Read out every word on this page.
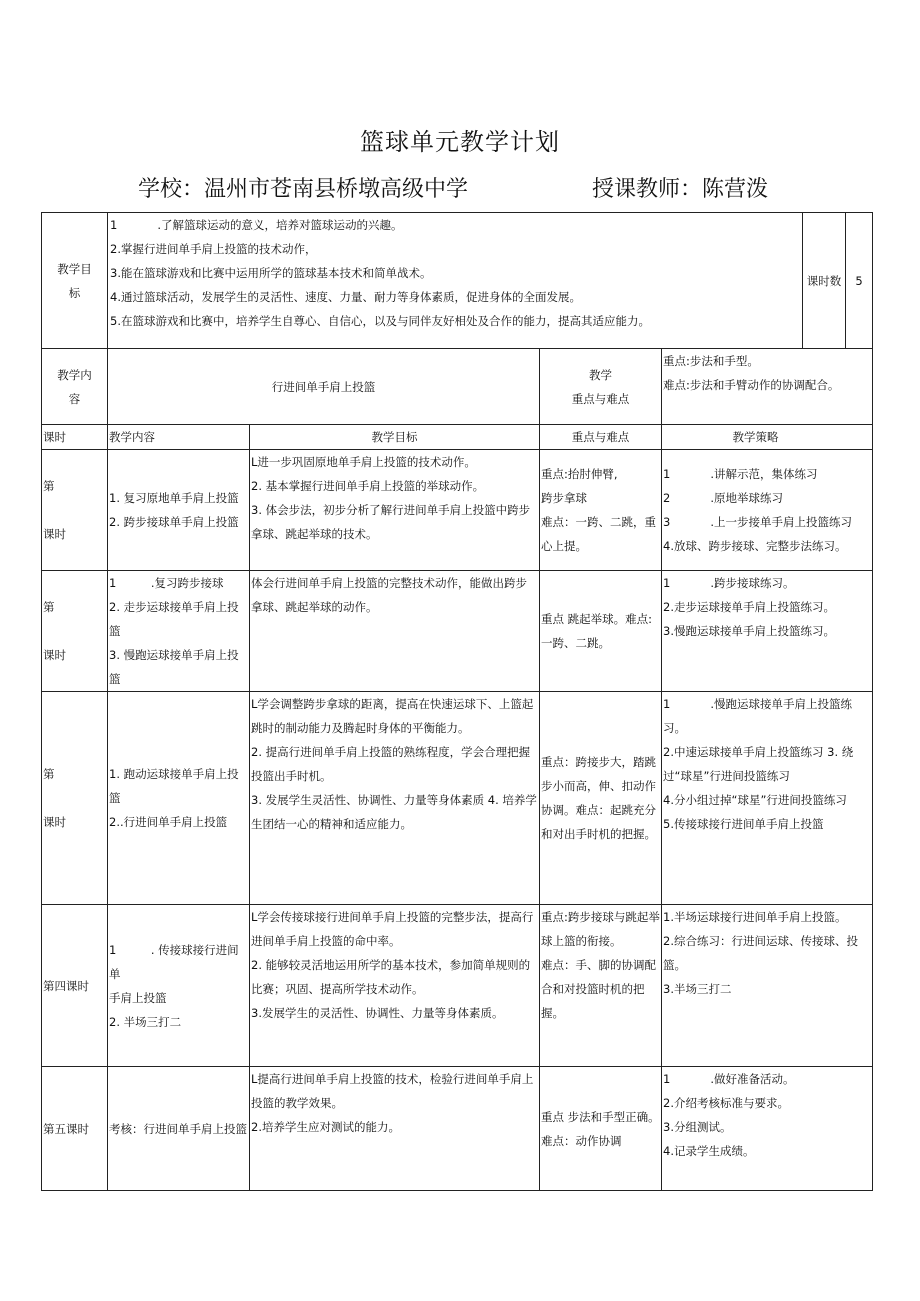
篮球单元教学计划
学校：温州市苍南县桥墩高级中学	授课教师：陈营泼
教学目
标	1 .了解篮球运动的意义，培养对篮球运动的兴趣。
2.掌握行进间单手肩上投篮的技术动作，
3.能在篮球游戏和比赛中运用所学的篮球基本技术和简单战术。
4.通过篮球活动，发展学生的灵活性、速度、力量、耐力等身体素质，促进身体的全面发展。
5.在篮球游戏和比赛中，培养学生自尊心、自信心，以及与同伴友好相处及合作的能力，提高其适应能力。				课时数	5

教学内
容	行进间单手肩上投篮		教学
重点与难点	重点:步法和手型。
难点:步法和手臂动作的协调配合。		

课时	教学内容	教学目标	重点与难点	教学策略		

第
课时	1. 复习原地单手肩上投篮
2. 跨步接球单手肩上投篮	L进一步巩固原地单手肩上投篮的技术动作。
2. 基本掌握行进间单手肩上投篮的举球动作。
3. 体会步法，初步分析了解行进间单手肩上投篮中跨步拿球、跳起举球的技术。	重点:抬肘伸臂,
跨步拿球
难点：一跨、二跳，重心上提。	1 .讲解示范，集体练习
2 .原地举球练习
3 .上一步接单手肩上投篮练习
4.放球、跨步接球、完整步法练习。		

第
课时	1　　　.复习跨步接球
2. 走步运球接单手肩上投篮
3. 慢跑运球接单手肩上投篮	体会行进间单手肩上投篮的完整技术动作，能做出跨步拿球、跳起举球的动作。	重点 跳起举球。难点:一跨、二跳。	1 .跨步接球练习。
2.走步运球接单手肩上投篮练习。
3.慢跑运球接单手肩上投篮练习。		

第
课时	1. 跑动运球接单手肩上投篮
2..行进间单手肩上投篮	L学会调整跨步拿球的距离，提高在快速运球下、上篮起跳时的制动能力及腾起时身体的平衡能力。
2. 提高行进间单手肩上投篮的熟练程度，学会合理把握投篮出手时机。
3. 发展学生灵活性、协调性、力量等身体素质 4. 培养学生团结一心的精神和适应能力。	重点：跨接步大，踏跳步小而高，伸、扣动作协调。难点：起跳充分和对出手时机的把握。	1 .慢跑运球接单手肩上投篮练习。
2.中速运球接单手肩上投篮练习 3. 绕过“球星”行进间投篮练习
4.分小组过掉“球星”行进间投篮练习
5.传接球接行进间单手肩上投篮		

第四课时	1　　　. 传接球接行进间单
手肩上投篮
2. 半场三打二	L学会传接球接行进间单手肩上投篮的完整步法，提高行进间单手肩上投篮的命中率。
2. 能够较灵活地运用所学的基本技术，参加简单规则的比赛；巩固、提高所学技术动作。
3.发展学生的灵活性、协调性、力量等身体素质。	重点:跨步接球与跳起举球上篮的衔接。
难点：手、脚的协调配合和对投篮时机的把握。	1.半场运球接行进间单手肩上投篮。
2.综合练习：行进间运球、传接球、投篮。
3.半场三打二		

第五课时	考核：行进间单手肩上投篮	L提高行进间单手肩上投篮的技术，检验行进间单手肩上投篮的教学效果。
2.培养学生应对测试的能力。	重点 步法和手型正确。
难点：动作协调	1 .做好准备活动。
2.介绍考核标准与要求。
3.分组测试。
4.记录学生成绩。		
